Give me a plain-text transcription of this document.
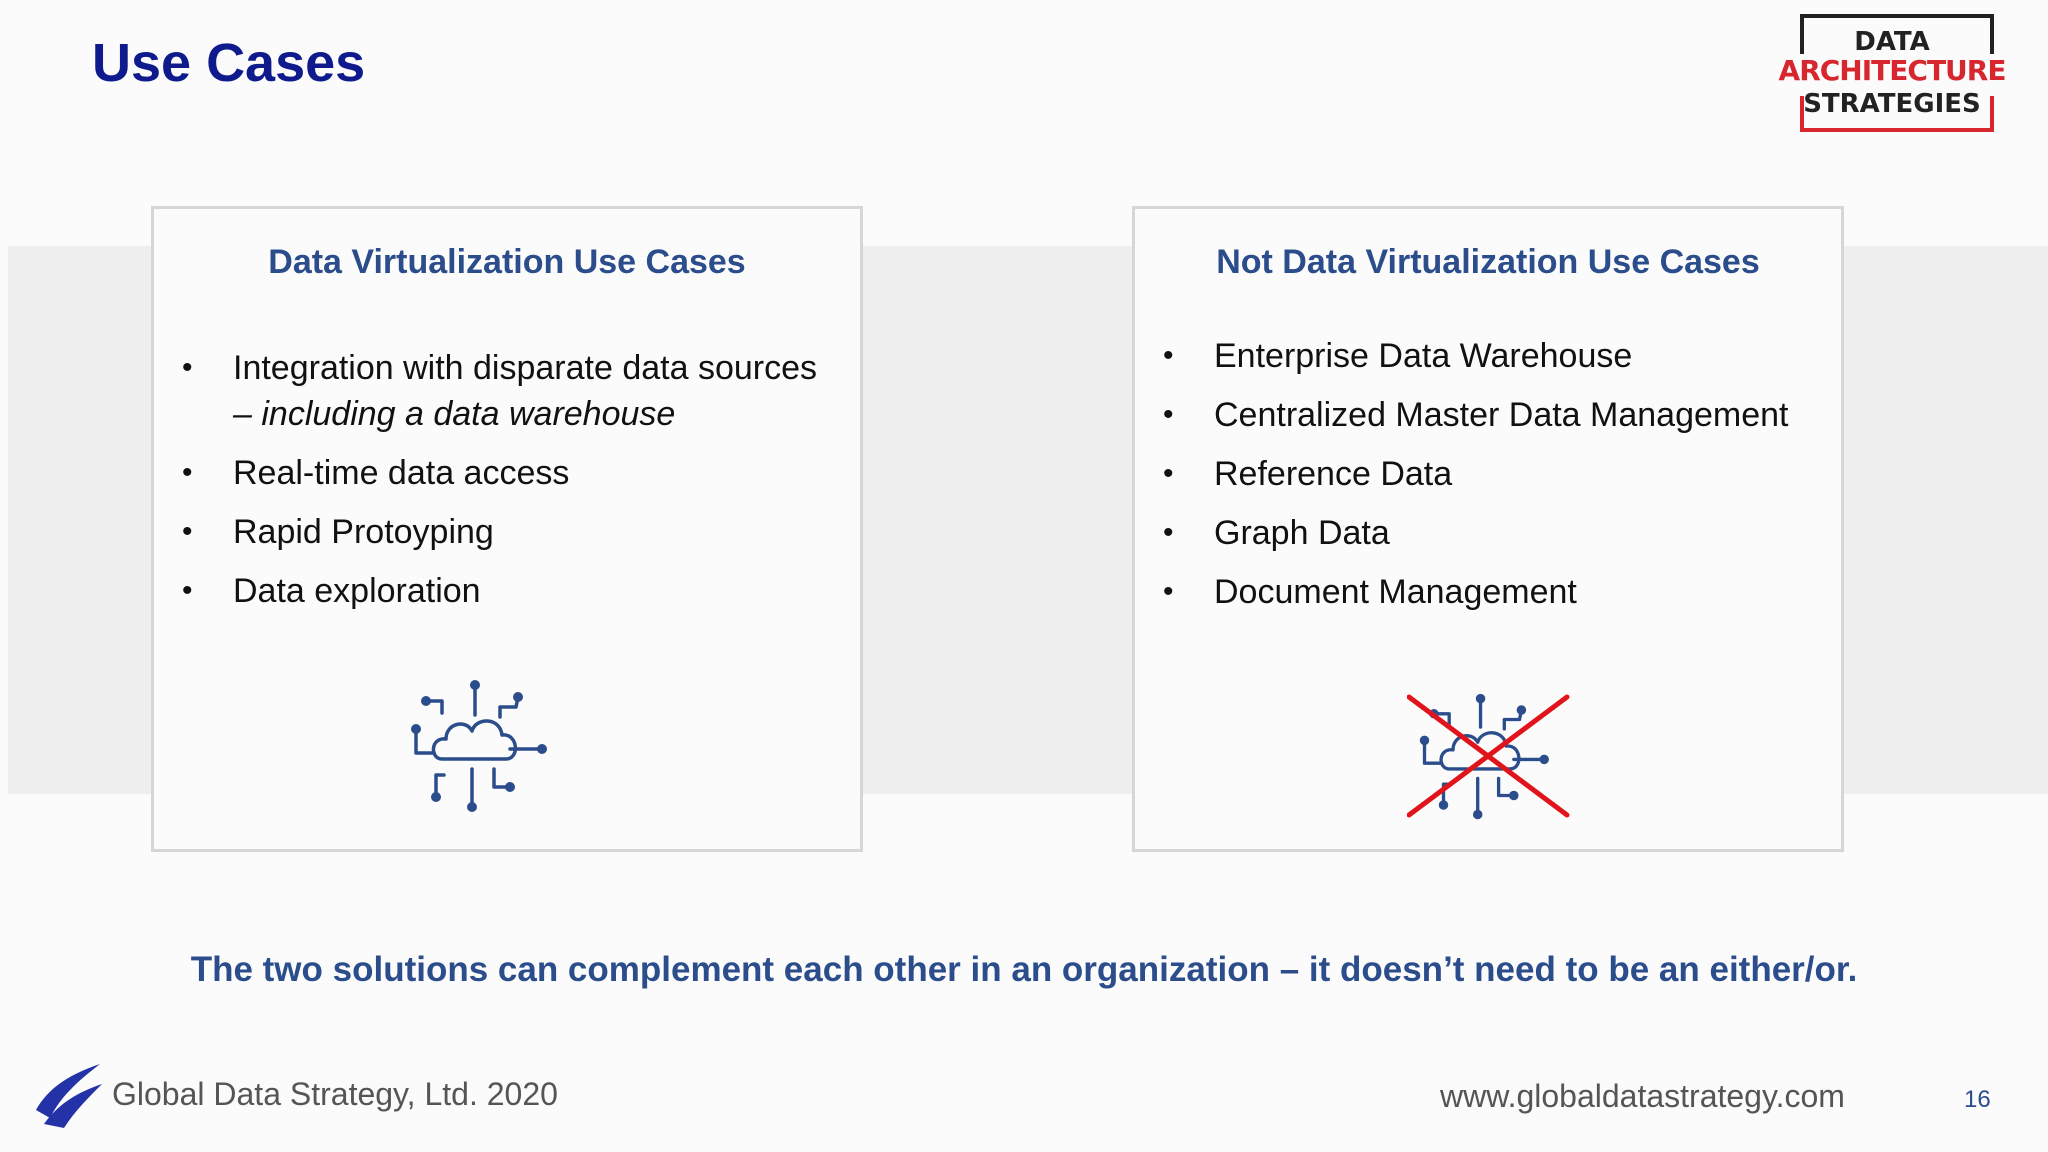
Use Cases	DATA
ARCHITECTURE
STRATEGIES
Data Virtualization Use Cases
• Integration with disparate data sources
– including a data warehouse
• Real-time data access
• Rapid Protoyping
• Data exploration
Not Data Virtualization Use Cases
• Enterprise Data Warehouse
• Centralized Master Data Management
• Reference Data
• Graph Data
• Document Management
The two solutions can complement each other in an organization – it doesn’t need to be an either/or.
Global Data Strategy, Ltd. 2020	www.globaldatastrategy.com	16
